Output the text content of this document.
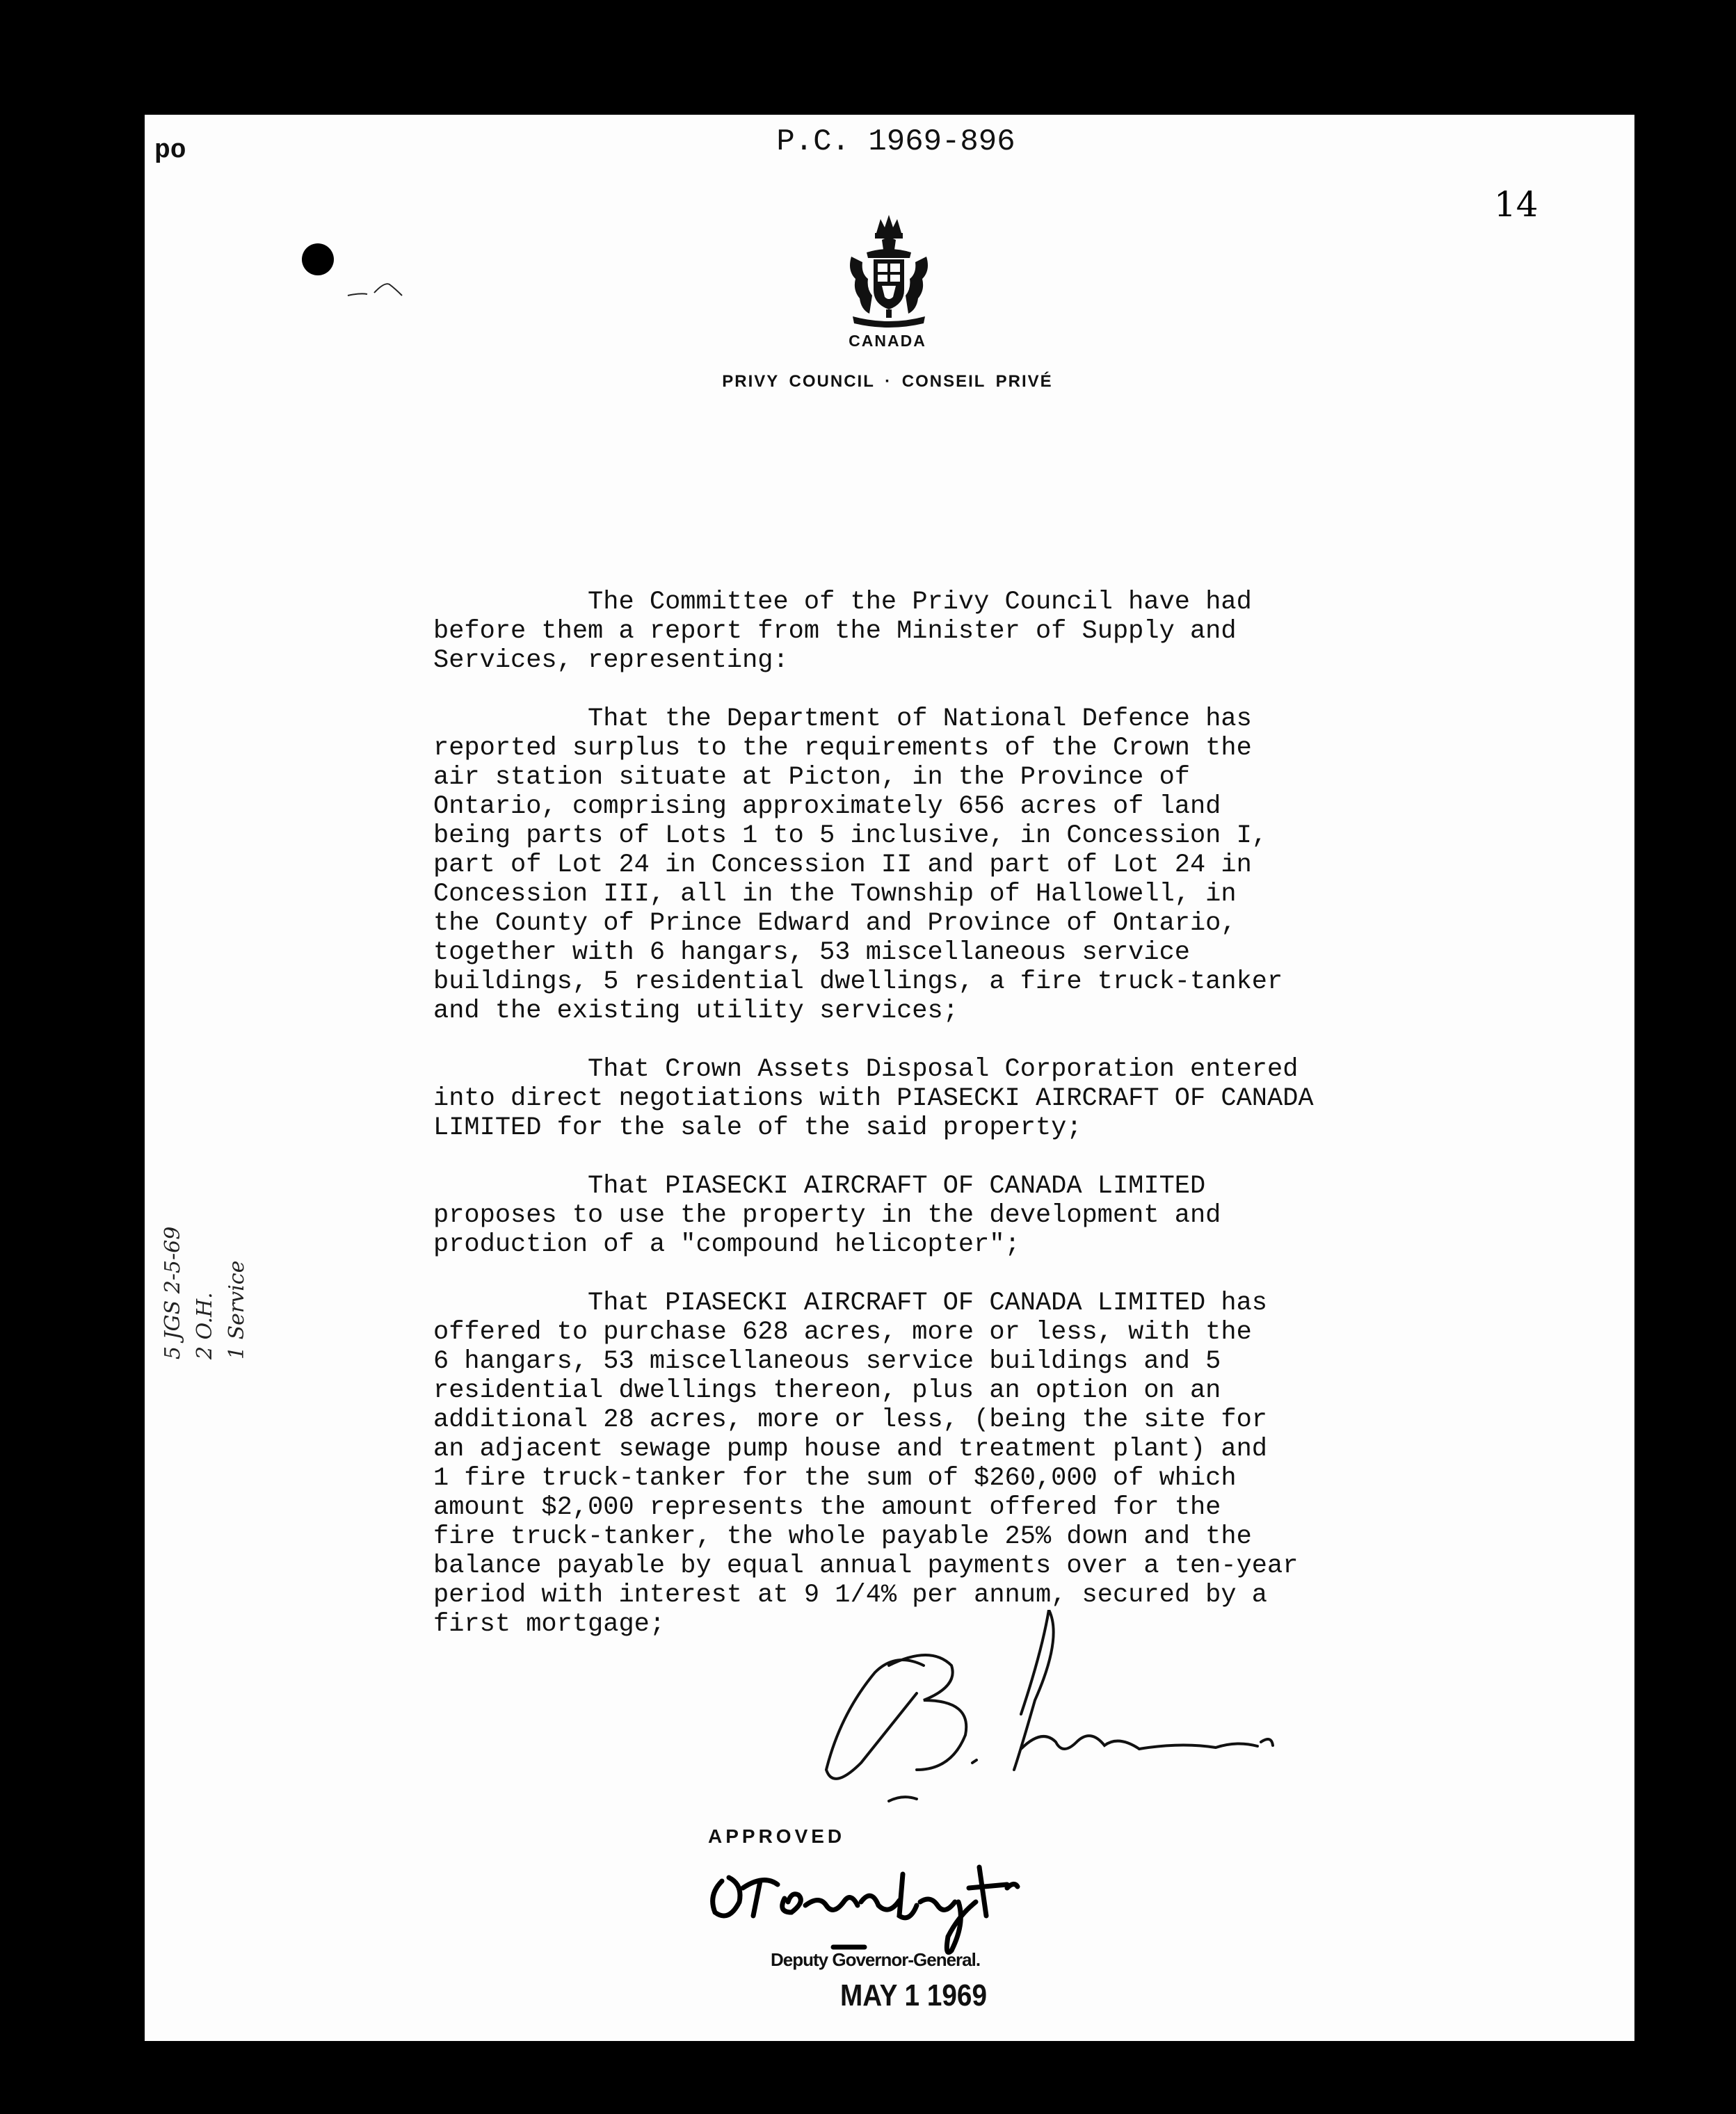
po	P.C. 1969-896
14
CANADA
PRIVY COUNCIL · CONSEIL PRIVÉ

The Committee of the Privy Council have had
before them a report from the Minister of Supply and
Services, representing:

That the Department of National Defence has
reported surplus to the requirements of the Crown the
air station situate at Picton, in the Province of
Ontario, comprising approximately 656 acres of land
being parts of Lots 1 to 5 inclusive, in Concession I,
part of Lot 24 in Concession II and part of Lot 24 in
Concession III, all in the Township of Hallowell, in
the County of Prince Edward and Province of Ontario,
together with 6 hangars, 53 miscellaneous service
buildings, 5 residential dwellings, a fire truck-tanker
and the existing utility services;

That Crown Assets Disposal Corporation entered
into direct negotiations with PIASECKI AIRCRAFT OF CANADA
LIMITED for the sale of the said property;

That PIASECKI AIRCRAFT OF CANADA LIMITED
proposes to use the property in the development and
production of a "compound helicopter";

That PIASECKI AIRCRAFT OF CANADA LIMITED has
offered to purchase 628 acres, more or less, with the
6 hangars, 53 miscellaneous service buildings and 5
residential dwellings thereon, plus an option on an
additional 28 acres, more or less, (being the site for
an adjacent sewage pump house and treatment plant) and
1 fire truck-tanker for the sum of $260,000 of which
amount $2,000 represents the amount offered for the
fire truck-tanker, the whole payable 25% down and the
balance payable by equal annual payments over a ten-year
period with interest at 9 1/4% per annum, secured by a
first mortgage;

5 JGS 2-5-69 2 O.H. 1 Service
APPROVED
Deputy Governor-General.
MAY 1 1969
